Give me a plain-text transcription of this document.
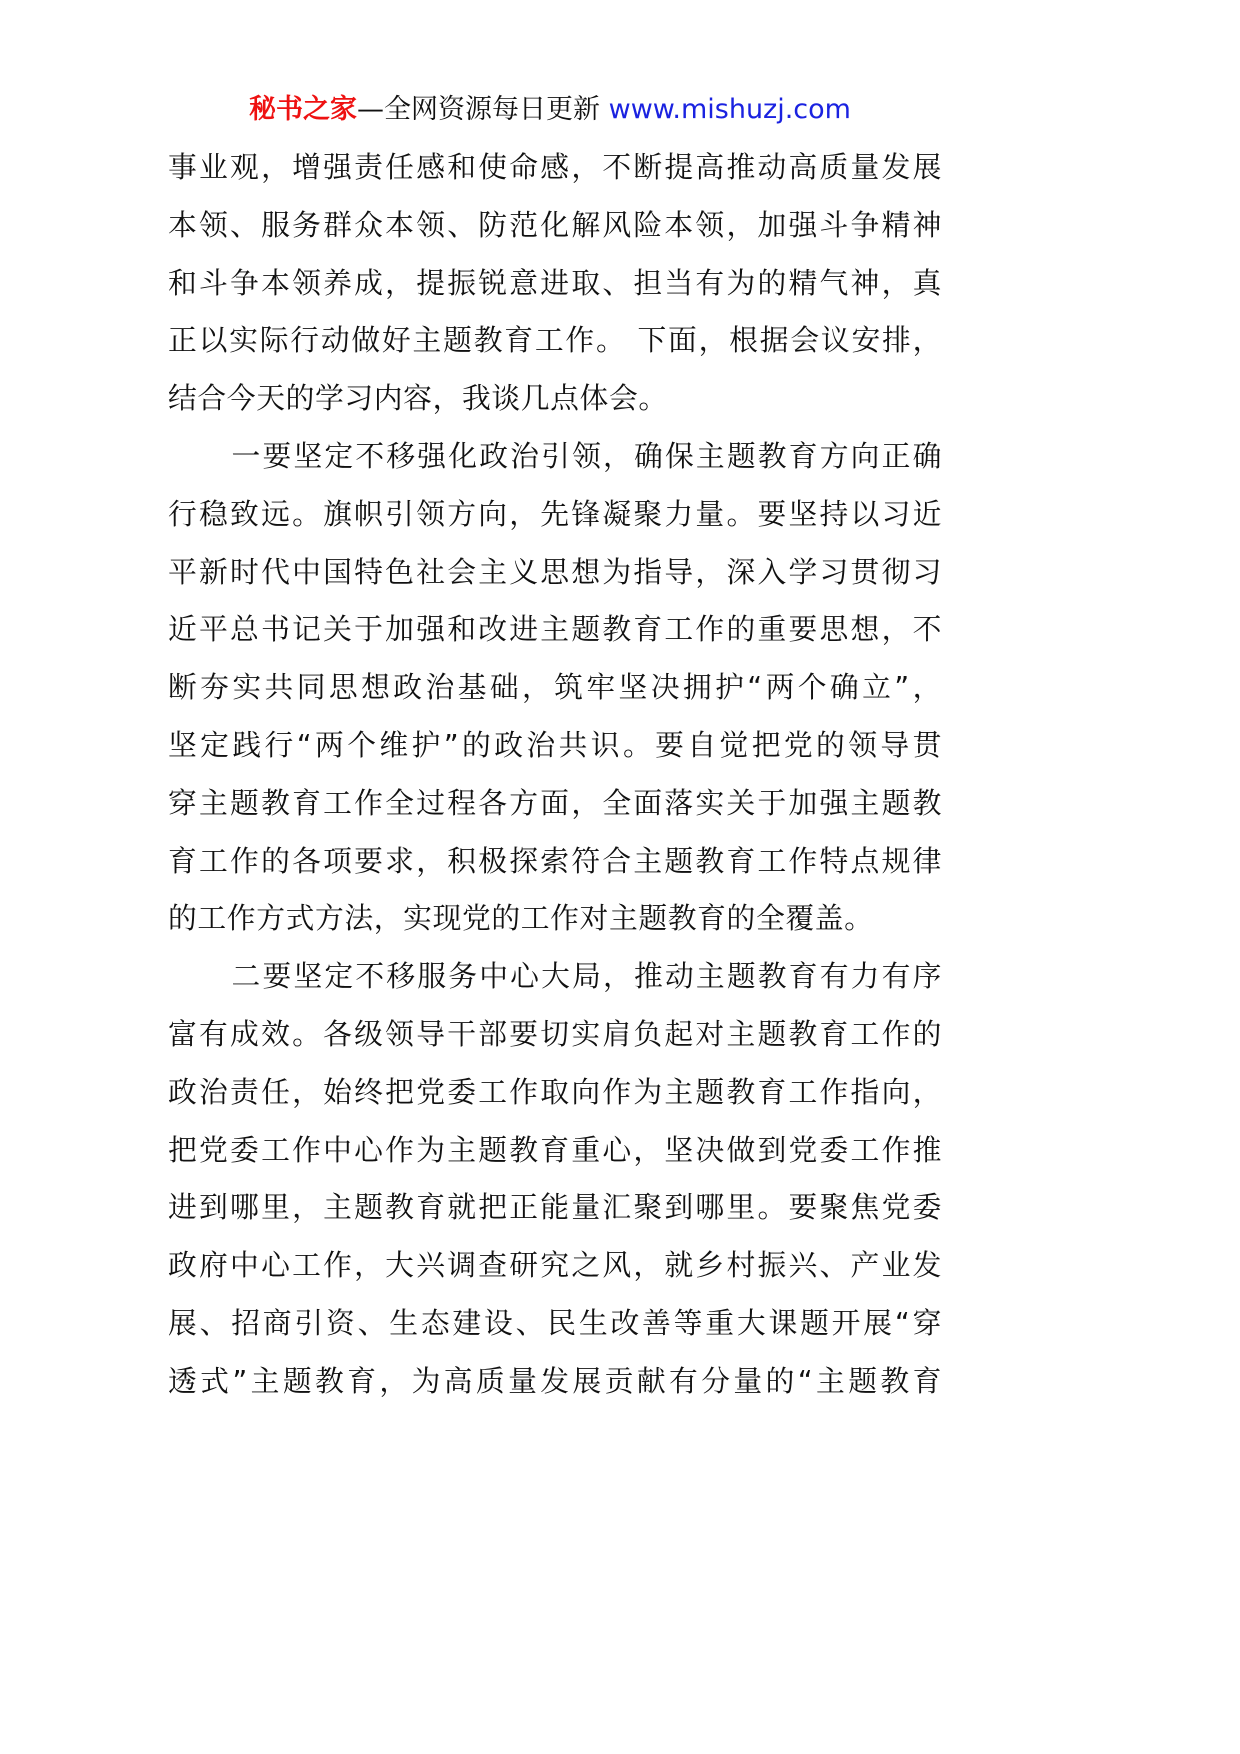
秘书之家—全网资源每日更新 www.mishuzj.com
事业观，增强责任感和使命感，不断提高推动高质量发展
本领、服务群众本领、防范化解风险本领，加强斗争精神
和斗争本领养成，提振锐意进取、担当有为的精气神，真
正以实际行动做好主题教育工作。 下面，根据会议安排，
结合今天的学习内容，我谈几点体会。
一要坚定不移强化政治引领，确保主题教育方向正确
行稳致远。旗帜引领方向，先锋凝聚力量。要坚持以习近
平新时代中国特色社会主义思想为指导，深入学习贯彻习
近平总书记关于加强和改进主题教育工作的重要思想，不
断夯实共同思想政治基础，筑牢坚决拥护“两个确立”，
坚定践行“两个维护”的政治共识。要自觉把党的领导贯
穿主题教育工作全过程各方面，全面落实关于加强主题教
育工作的各项要求，积极探索符合主题教育工作特点规律
的工作方式方法，实现党的工作对主题教育的全覆盖。
二要坚定不移服务中心大局，推动主题教育有力有序
富有成效。各级领导干部要切实肩负起对主题教育工作的
政治责任，始终把党委工作取向作为主题教育工作指向，
把党委工作中心作为主题教育重心，坚决做到党委工作推
进到哪里，主题教育就把正能量汇聚到哪里。要聚焦党委
政府中心工作，大兴调查研究之风，就乡村振兴、产业发
展、招商引资、生态建设、民生改善等重大课题开展“穿
透式”主题教育，为高质量发展贡献有分量的“主题教育
